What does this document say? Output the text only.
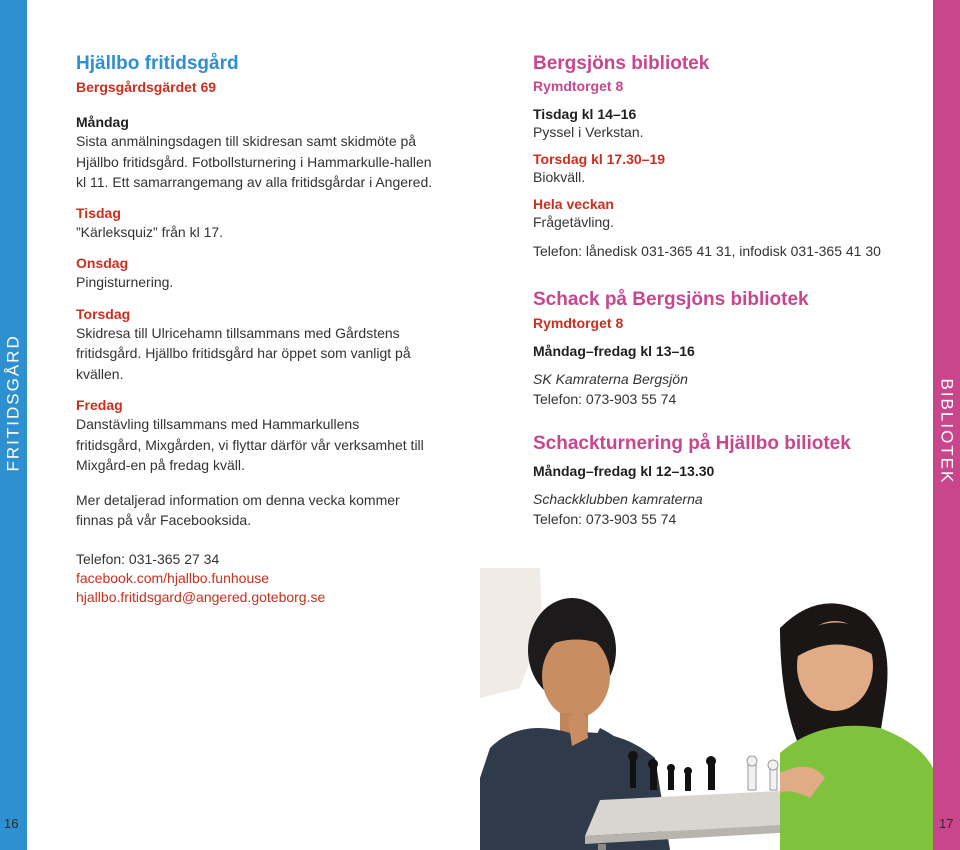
FRITIDSGÅRD	BIBLIOTEK
16	17
Hjällbo fritidsgård
Bergsgårdsgärdet 69
Måndag
Sista anmälningsdagen till skidresan samt skidmöte på Hjällbo fritidsgård. Fotbollsturnering i Hammarkulle-hallen kl 11. Ett samarrangemang av alla fritidsgårdar i Angered.
Tisdag
”Kärleksquiz” från kl 17.
Onsdag
Pingisturnering.
Torsdag
Skidresa till Ulricehamn tillsammans med Gårdstens fritidsgård. Hjällbo fritidsgård har öppet som vanligt på kvällen.
Fredag
Danstävling tillsammans med Hammarkullens fritidsgård, Mixgården, vi flyttar därför vår verksamhet till Mixgård-en på fredag kväll.
Mer detaljerad information om denna vecka kommer finnas på vår Facebooksida.
Telefon: 031-365 27 34
facebook.com/hjallbo.funhouse
hjallbo.fritidsgard@angered.goteborg.se
Bergsjöns bibliotek
Rymdtorget 8
Tisdag kl 14–16
Pyssel i Verkstan.
Torsdag kl 17.30–19
Biokväll.
Hela veckan
Frågetävling.
Telefon: lånedisk 031-365 41 31, infodisk 031-365 41 30
Schack på Bergsjöns bibliotek
Rymdtorget 8
Måndag–fredag kl 13–16
SK Kamraterna Bergsjön
Telefon: 073-903 55 74
Schackturnering på Hjällbo biliotek
Måndag–fredag kl 12–13.30
Schackklubben kamraterna
Telefon: 073-903 55 74
